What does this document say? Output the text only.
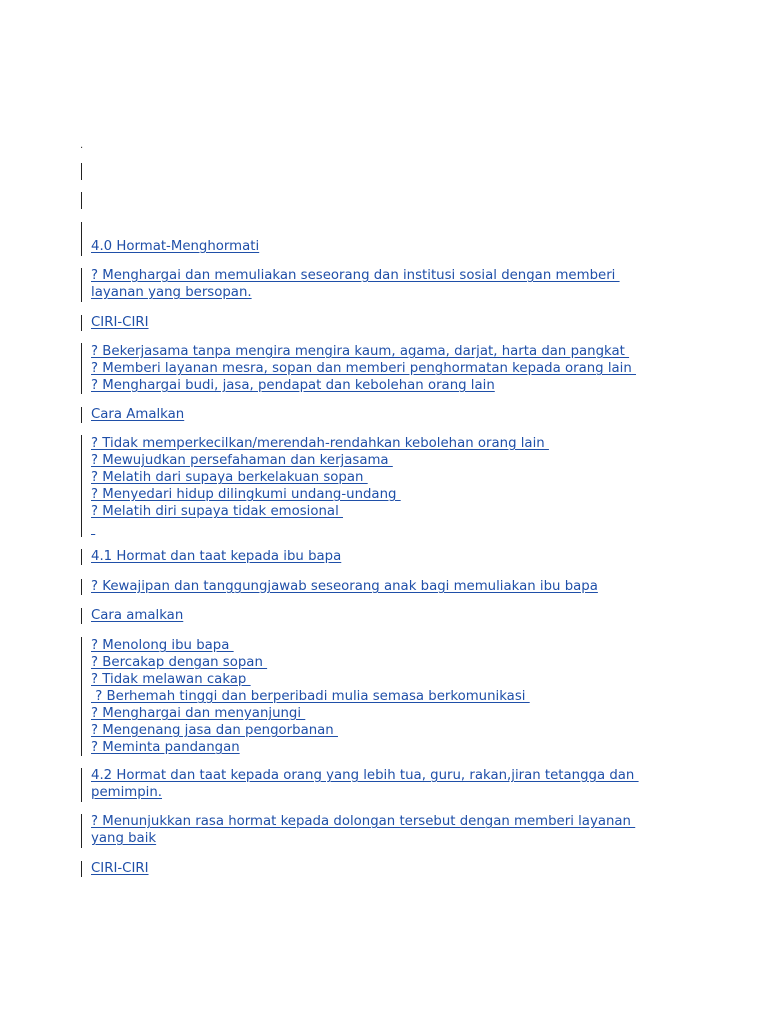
.
4.0 Hormat-Menghormati
? Menghargai dan memuliakan seseorang dan institusi sosial dengan memberi
layanan yang bersopan.
CIRI-CIRI
? Bekerjasama tanpa mengira mengira kaum, agama, darjat, harta dan pangkat
? Memberi layanan mesra, sopan dan memberi penghormatan kepada orang lain
? Menghargai budi, jasa, pendapat dan kebolehan orang lain
Cara Amalkan
? Tidak memperkecilkan/merendah-rendahkan kebolehan orang lain
? Mewujudkan persefahaman dan kerjasama
? Melatih dari supaya berkelakuan sopan
? Menyedari hidup dilingkumi undang-undang
? Melatih diri supaya tidak emosional

4.1 Hormat dan taat kepada ibu bapa
? Kewajipan dan tanggungjawab seseorang anak bagi memuliakan ibu bapa
Cara amalkan
? Menolong ibu bapa
? Bercakap dengan sopan
? Tidak melawan cakap
? Berhemah tinggi dan berperibadi mulia semasa berkomunikasi
? Menghargai dan menyanjungi
? Mengenang jasa dan pengorbanan
? Meminta pandangan
4.2 Hormat dan taat kepada orang yang lebih tua, guru, rakan,jiran tetangga dan
pemimpin.
? Menunjukkan rasa hormat kepada dolongan tersebut dengan memberi layanan
yang baik
CIRI-CIRI
